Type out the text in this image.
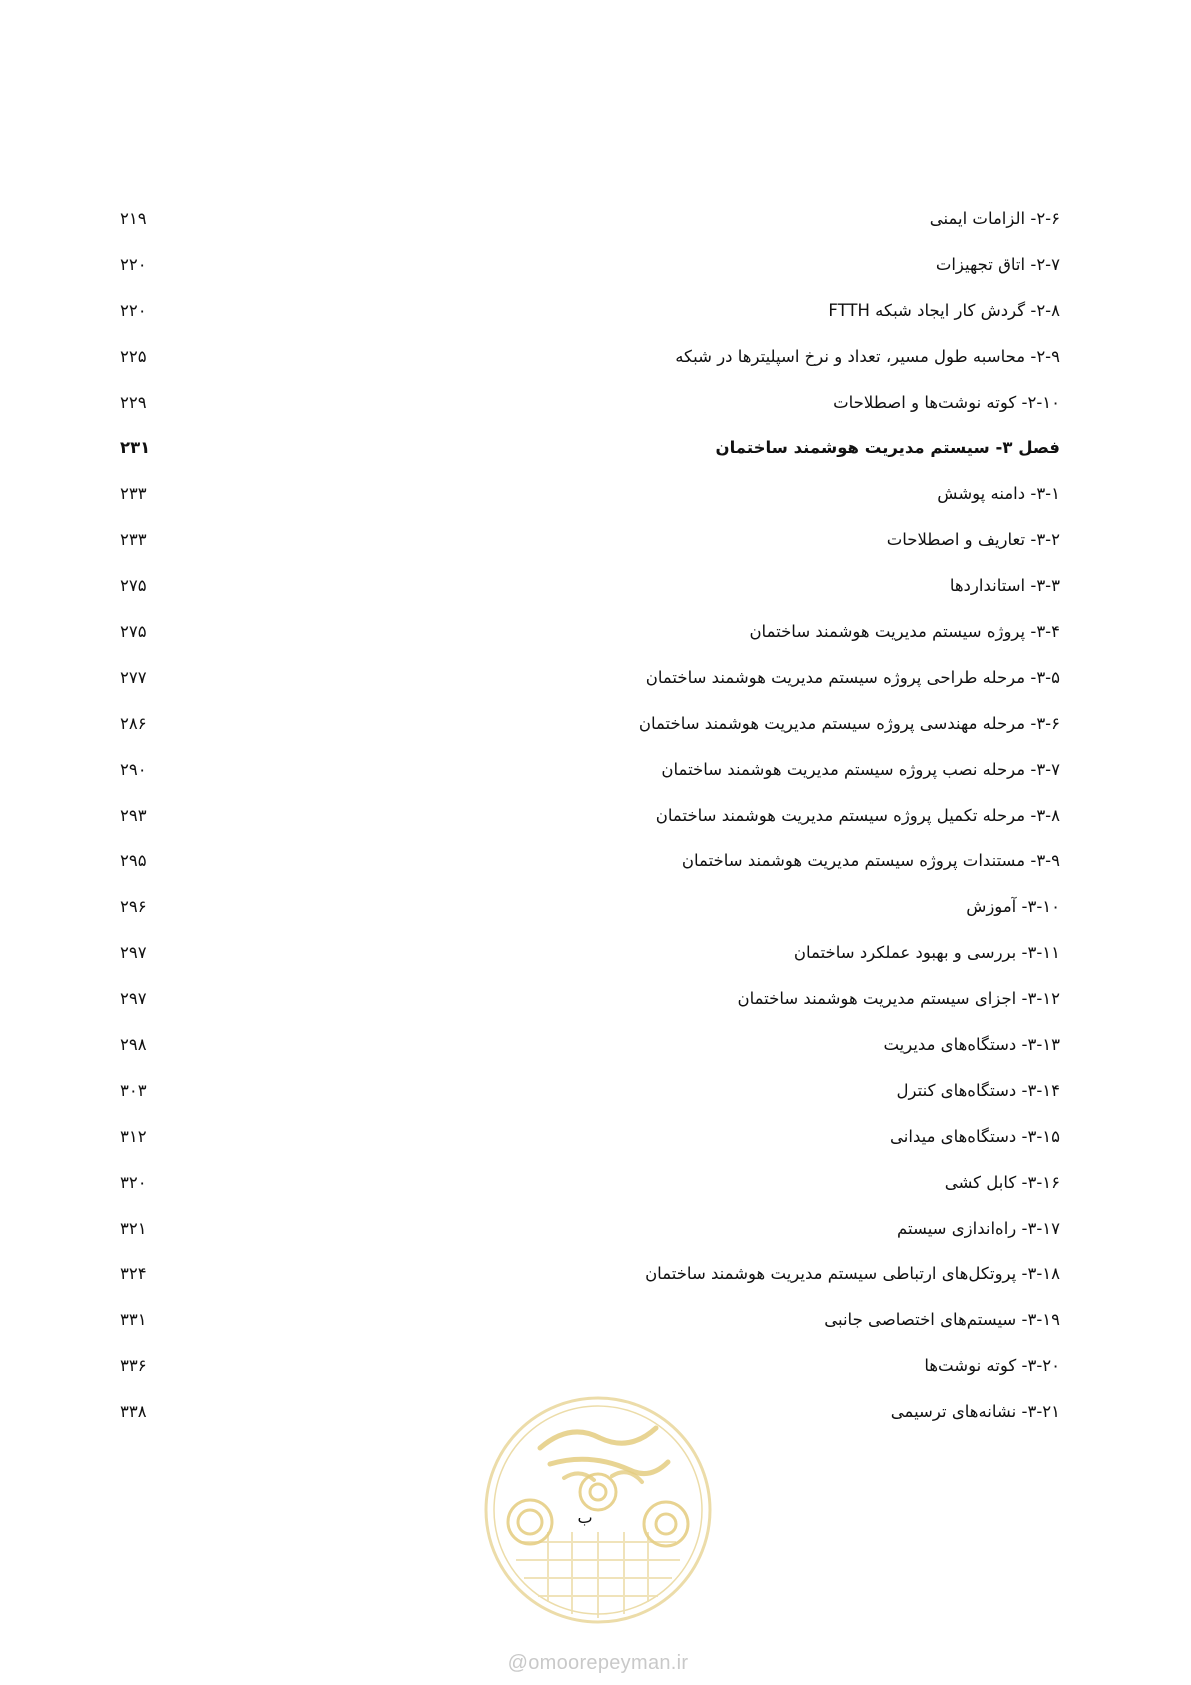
۲-۶- الزامات ایمنی
۲۱۹
۲-۷- اتاق تجهیزات
۲۲۰
۲-۸- گردش کار ایجاد شبکه FTTH
۲۲۰
۲-۹- محاسبه طول مسیر، تعداد و نرخ اسپلیترها در شبکه
۲۲۵
۲-۱۰- کوته نوشت‌ها و اصطلاحات
۲۲۹
فصل ۳- سیستم مدیریت هوشمند ساختمان
۲۳۱
۳-۱- دامنه پوشش
۲۳۳
۳-۲- تعاریف و اصطلاحات
۲۳۳
۳-۳- استانداردها
۲۷۵
۳-۴- پروژه سیستم مدیریت هوشمند ساختمان
۲۷۵
۳-۵- مرحله طراحی پروژه سیستم مدیریت هوشمند ساختمان
۲۷۷
۳-۶- مرحله مهندسی پروژه سیستم مدیریت هوشمند ساختمان
۲۸۶
۳-۷- مرحله نصب پروژه سیستم مدیریت هوشمند ساختمان
۲۹۰
۳-۸- مرحله تکمیل پروژه سیستم مدیریت هوشمند ساختمان
۲۹۳
۳-۹- مستندات پروژه سیستم مدیریت هوشمند ساختمان
۲۹۵
۳-۱۰- آموزش
۲۹۶
۳-۱۱- بررسی و بهبود عملکرد ساختمان
۲۹۷
۳-۱۲- اجزای سیستم مدیریت هوشمند ساختمان
۲۹۷
۳-۱۳- دستگاه‌های مدیریت
۲۹۸
۳-۱۴- دستگاه‌های کنترل
۳۰۳
۳-۱۵- دستگاه‌های میدانی
۳۱۲
۳-۱۶- کابل کشی
۳۲۰
۳-۱۷- راه‌اندازی سیستم
۳۲۱
۳-۱۸- پروتکل‌های ارتباطی سیستم مدیریت هوشمند ساختمان
۳۲۴
۳-۱۹- سیستم‌های اختصاصی جانبی
۳۳۱
۳-۲۰- کوته نوشت‌ها
۳۳۶
۳-۲۱- نشانه‌های ترسیمی
۳۳۸
ب
@omoorepeyman.ir
